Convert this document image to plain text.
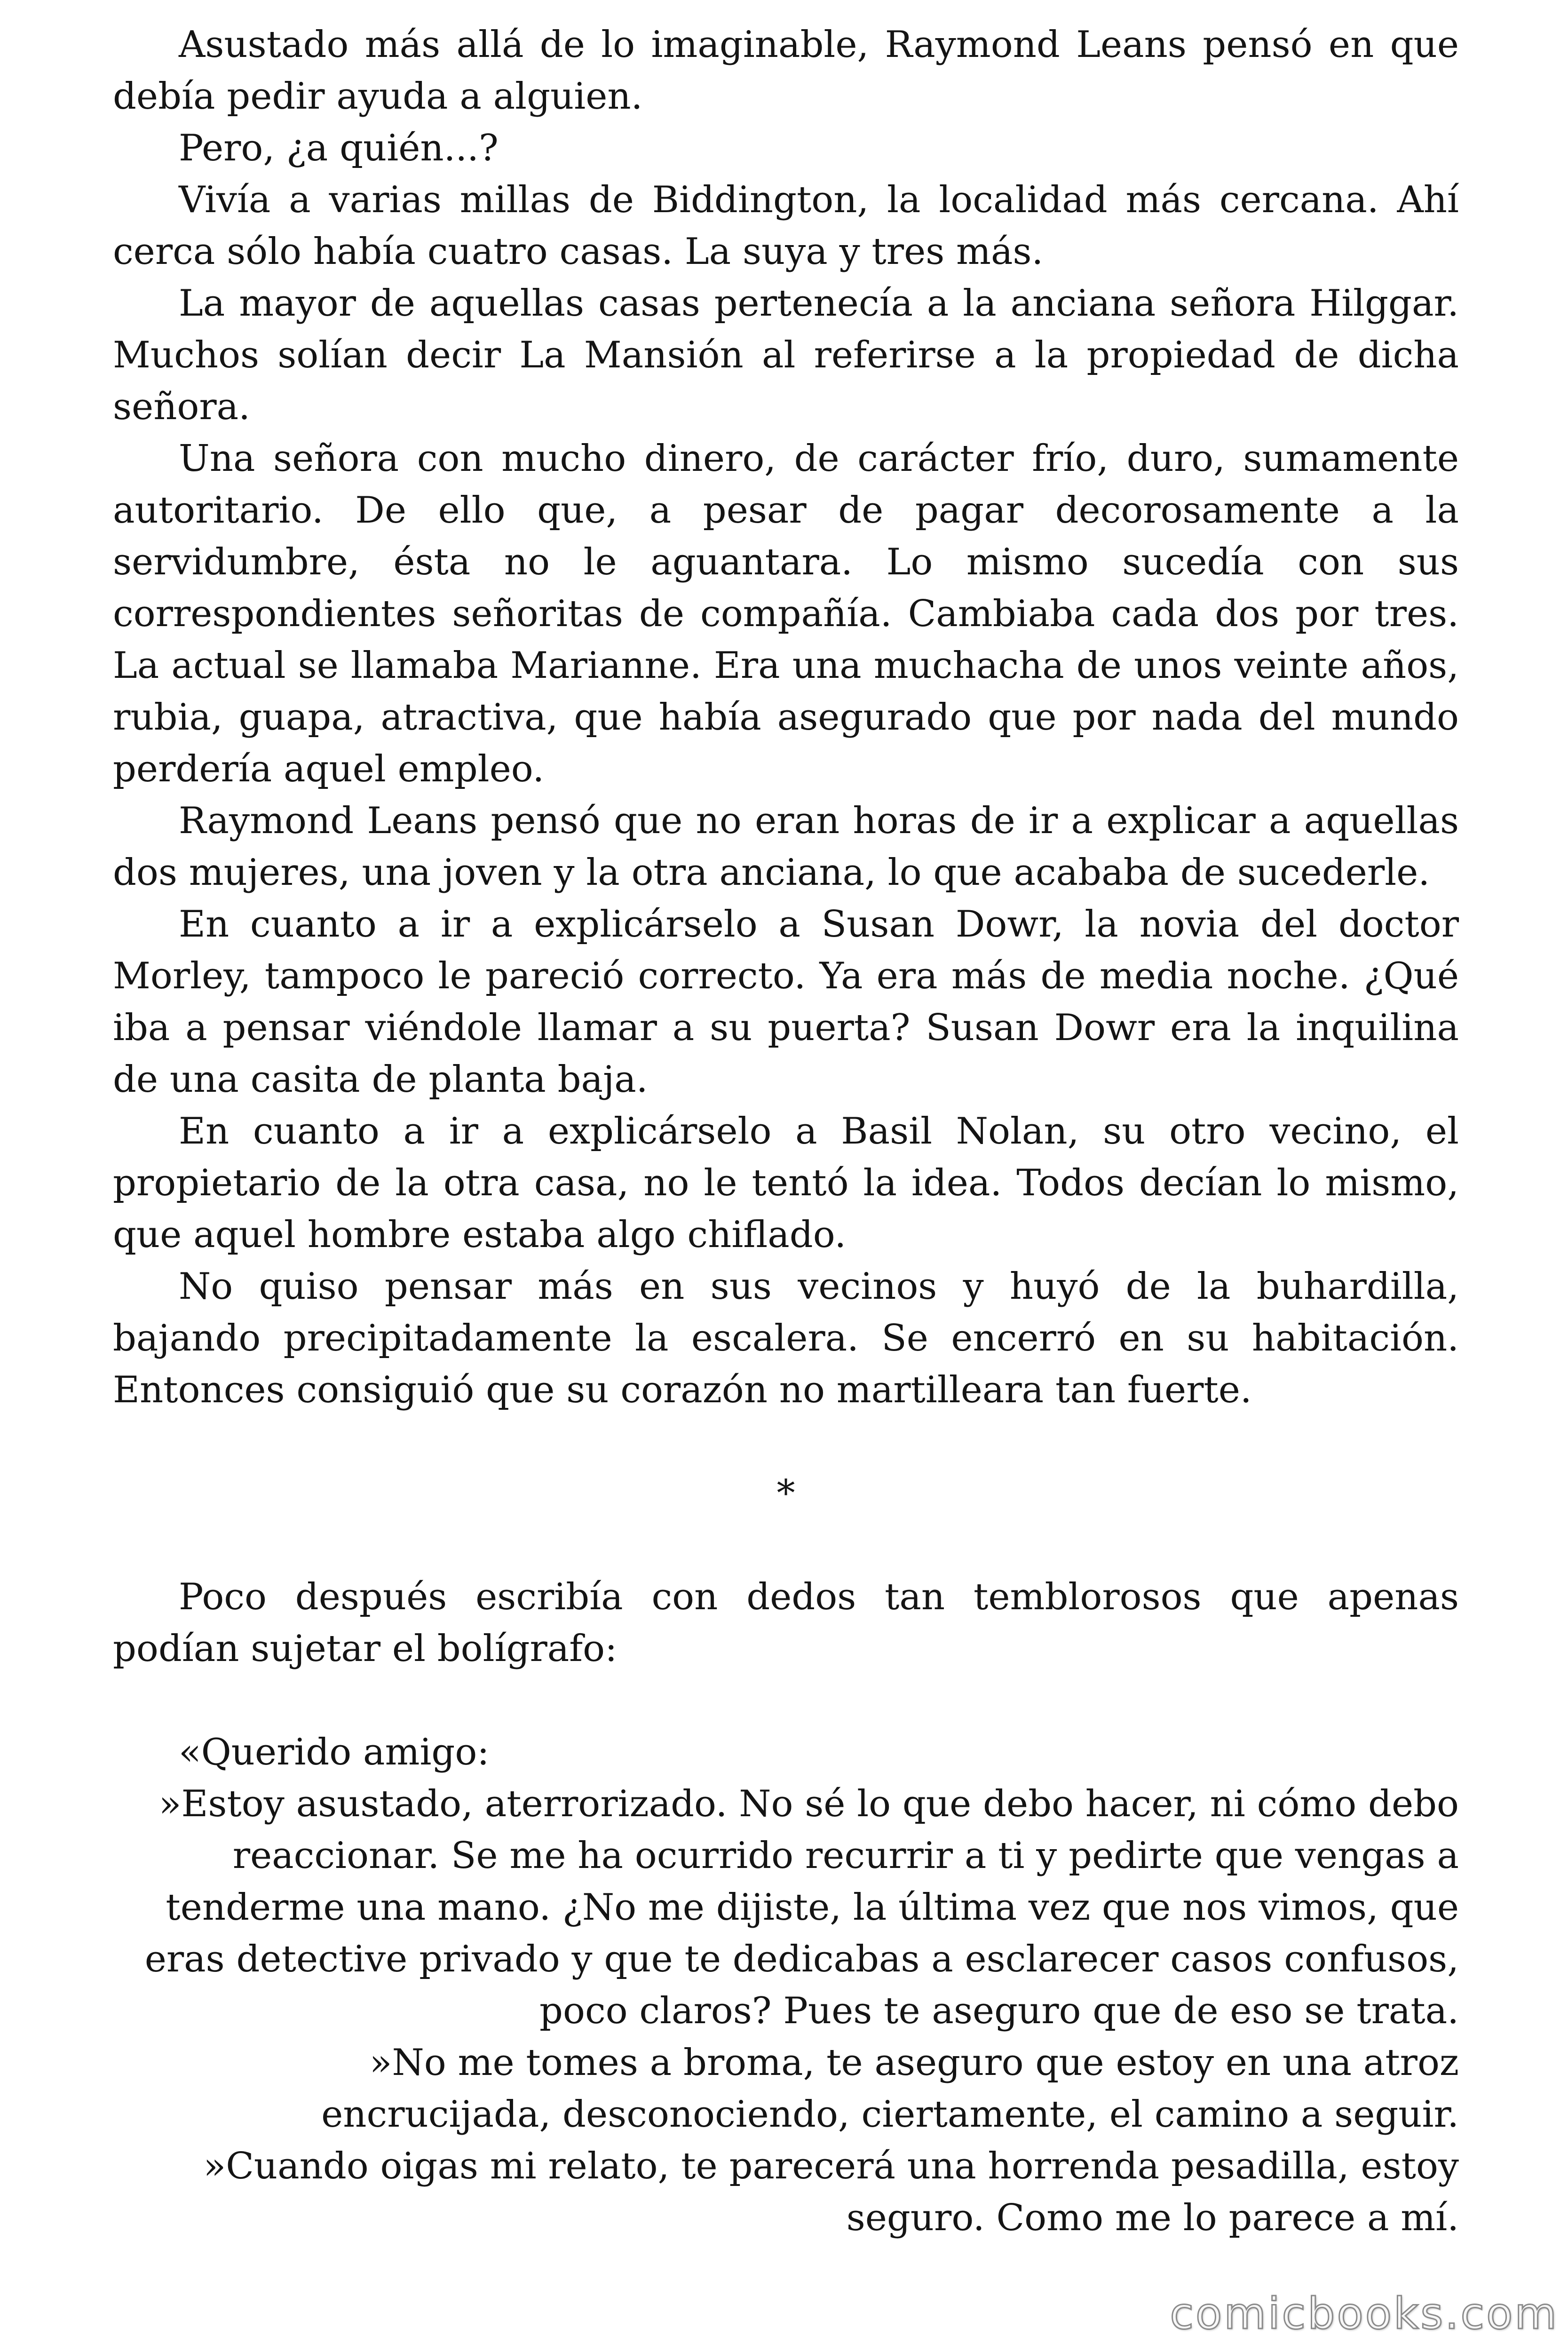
Asustado más allá de lo imaginable, Raymond Leans pensó en que debía pedir ayuda a alguien.

Pero, ¿a quién...?

Vivía a varias millas de Biddington, la localidad más cercana. Ahí cerca sólo había cuatro casas. La suya y tres más.

La mayor de aquellas casas pertenecía a la anciana señora Hilggar. Muchos solían decir La Mansión al referirse a la propiedad de dicha señora.

Una señora con mucho dinero, de carácter frío, duro, sumamente autoritario. De ello que, a pesar de pagar decorosamente a la servidumbre, ésta no le aguantara. Lo mismo sucedía con sus correspondientes señoritas de compañía. Cambiaba cada dos por tres. La actual se llamaba Marianne. Era una muchacha de unos veinte años, rubia, guapa, atractiva, que había asegurado que por nada del mundo perdería aquel empleo.

Raymond Leans pensó que no eran horas de ir a explicar a aquellas dos mujeres, una joven y la otra anciana, lo que acababa de sucederle.

En cuanto a ir a explicárselo a Susan Dowr, la novia del doctor Morley, tampoco le pareció correcto. Ya era más de media noche. ¿Qué iba a pensar viéndole llamar a su puerta? Susan Dowr era la inquilina de una casita de planta baja.

En cuanto a ir a explicárselo a Basil Nolan, su otro vecino, el propietario de la otra casa, no le tentó la idea. Todos decían lo mismo, que aquel hombre estaba algo chiflado.

No quiso pensar más en sus vecinos y huyó de la buhardilla, bajando precipitadamente la escalera. Se encerró en su habitación. Entonces consiguió que su corazón no martilleara tan fuerte.

*

Poco después escribía con dedos tan temblorosos que apenas podían sujetar el bolígrafo:

«Querido amigo:

»Estoy asustado, aterrorizado. No sé lo que debo hacer, ni cómo debo reaccionar. Se me ha ocurrido recurrir a ti y pedirte que vengas a tenderme una mano. ¿No me dijiste, la última vez que nos vimos, que eras detective privado y que te dedicabas a esclarecer casos confusos, poco claros? Pues te aseguro que de eso se trata.

»No me tomes a broma, te aseguro que estoy en una atroz encrucijada, desconociendo, ciertamente, el camino a seguir.

»Cuando oigas mi relato, te parecerá una horrenda pesadilla, estoy seguro. Como me lo parece a mí.

comicbooks.com
